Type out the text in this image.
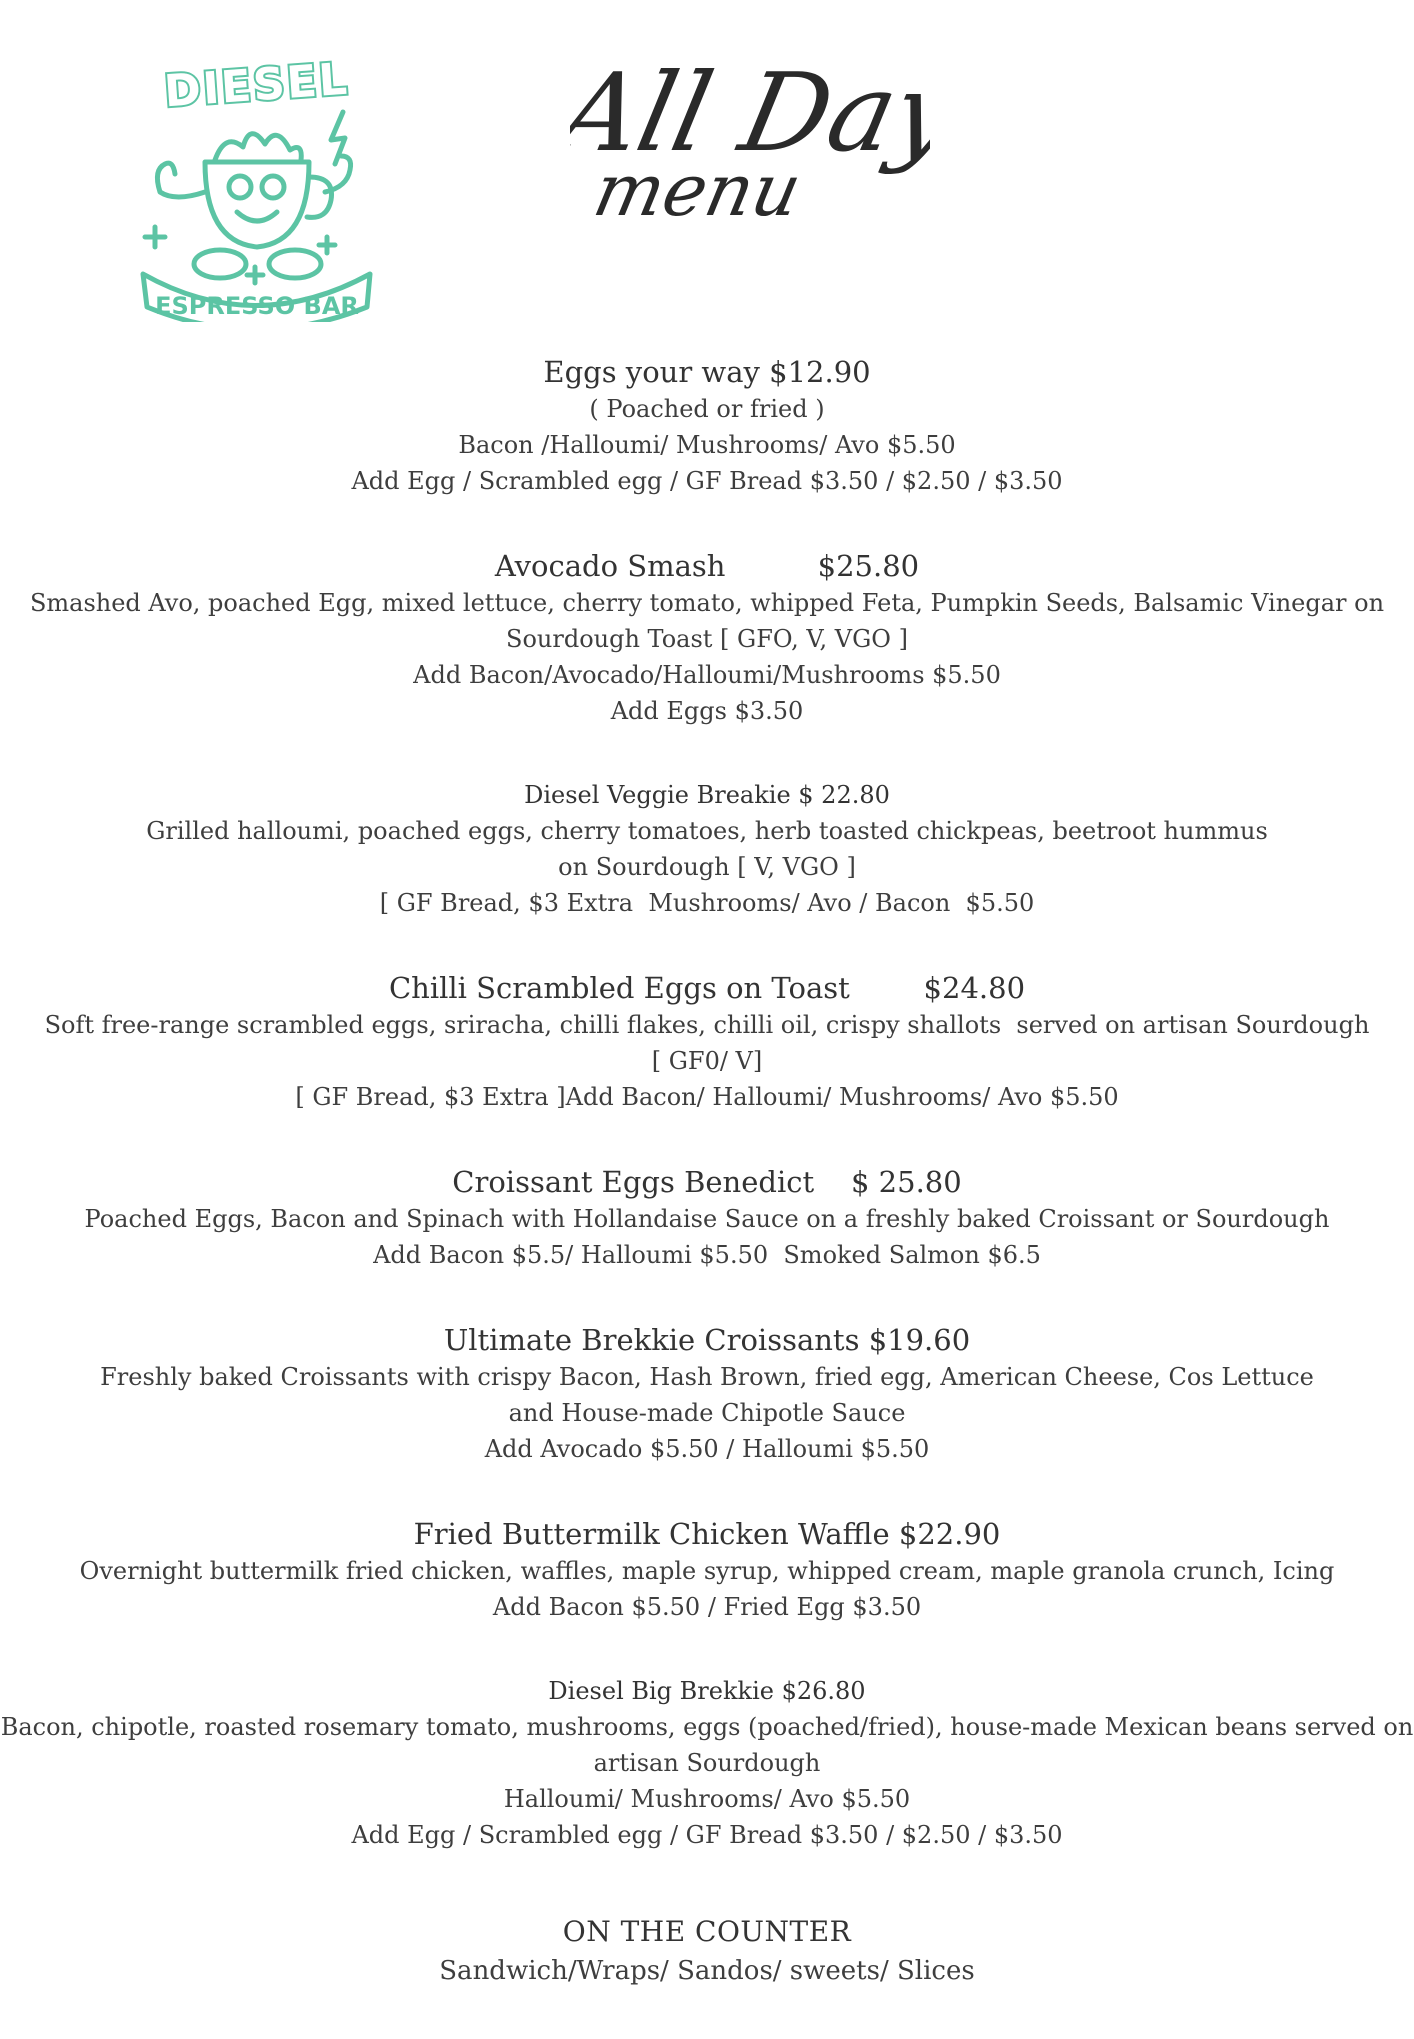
DIESEL
ESPRESSO BAR
All Day
menu
Eggs your way $12.90
( Poached or fried )
Bacon /Halloumi/ Mushrooms/ Avo $5.50
Add Egg / Scrambled egg / GF Bread $3.50 / $2.50 / $3.50
Avocado Smash          $25.80
Smashed Avo, poached Egg, mixed lettuce, cherry tomato, whipped Feta, Pumpkin Seeds, Balsamic Vinegar on
Sourdough Toast [ GFO, V, VGO ]
Add Bacon/Avocado/Halloumi/Mushrooms $5.50
Add Eggs $3.50
Diesel Veggie Breakie $ 22.80
Grilled halloumi, poached eggs, cherry tomatoes, herb toasted chickpeas, beetroot hummus
on Sourdough [ V, VGO ]
[ GF Bread, $3 Extra  Mushrooms/ Avo / Bacon  $5.50
Chilli Scrambled Eggs on Toast        $24.80
Soft free-range scrambled eggs, sriracha, chilli flakes, chilli oil, crispy shallots  served on artisan Sourdough
[ GF0/ V]
[ GF Bread, $3 Extra ]Add Bacon/ Halloumi/ Mushrooms/ Avo $5.50
Croissant Eggs Benedict    $ 25.80
Poached Eggs, Bacon and Spinach with Hollandaise Sauce on a freshly baked Croissant or Sourdough
Add Bacon $5.5/ Halloumi $5.50  Smoked Salmon $6.5
Ultimate Brekkie Croissants $19.60
Freshly baked Croissants with crispy Bacon, Hash Brown, fried egg, American Cheese, Cos Lettuce
and House-made Chipotle Sauce
Add Avocado $5.50 / Halloumi $5.50
Fried Buttermilk Chicken Waffle $22.90
Overnight buttermilk fried chicken, waffles, maple syrup, whipped cream, maple granola crunch, Icing
Add Bacon $5.50 / Fried Egg $3.50
Diesel Big Brekkie $26.80
Bacon, chipotle, roasted rosemary tomato, mushrooms, eggs (poached/fried), house-made Mexican beans served on
artisan Sourdough
Halloumi/ Mushrooms/ Avo $5.50
Add Egg / Scrambled egg / GF Bread $3.50 / $2.50 / $3.50
ON THE COUNTER
Sandwich/Wraps/ Sandos/ sweets/ Slices
